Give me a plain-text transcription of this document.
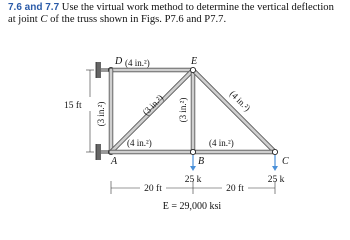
7.6 and 7.7 Use the virtual work method to determine the vertical deflection at joint C of the truss shown in Figs. P7.6 and P7.7.
D	E
A	B	C
(4 in.²)
(3 in.²)	(3 in.²) (3 in.²)	(4 in.²)
(4 in.²)	(4 in.²)
25 k	25 k
15 ft
20 ft	20 ft
E = 29,000 ksi
